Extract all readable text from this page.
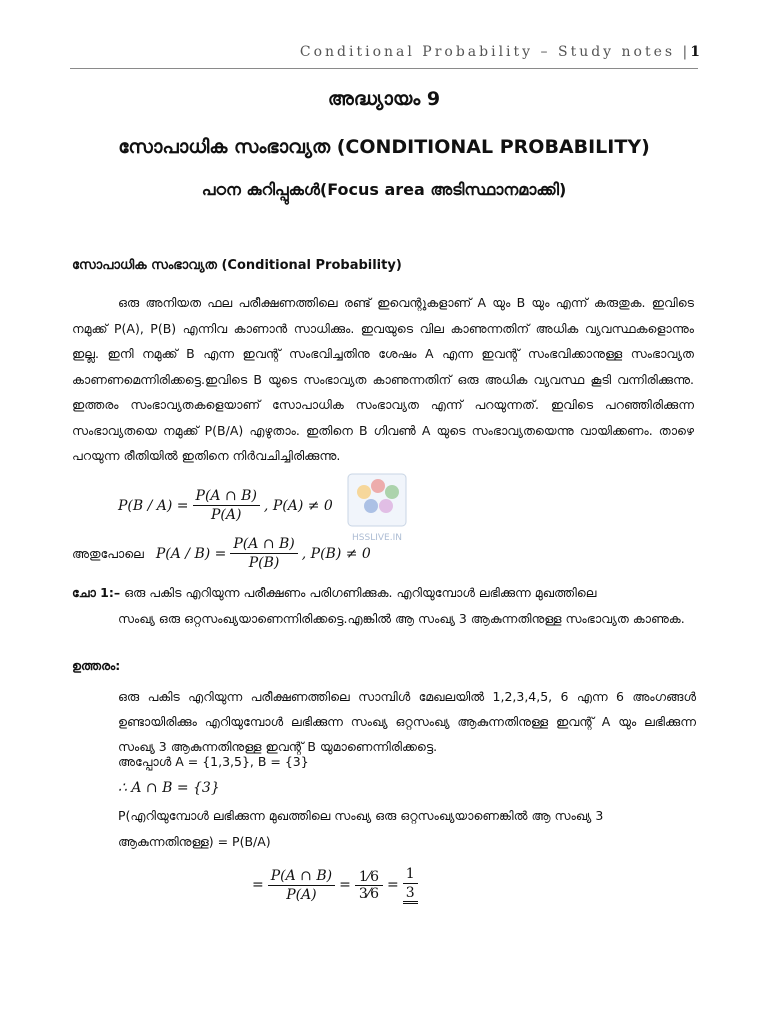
Conditional Probability – Study notes |1
അദ്ധ്യായം 9
സോപാധിക സംഭാവ്യത (CONDITIONAL PROBABILITY)
പഠന കുറിപ്പുകൾ(Focus area അടിസ്ഥാനമാക്കി)
സോപാധിക സംഭാവ്യത (Conditional Probability)
ഒരു അനിയത ഫല പരീക്ഷണത്തിലെ രണ്ട് ഇവെന്റുകളാണ് A യും B യും എന്ന് കരുതുക. ഇവിടെ നമുക്ക് P(A), P(B) എന്നിവ കാണാൻ സാധിക്കും. ഇവയുടെ വില കാണുന്നതിന് അധിക വ്യവസ്ഥകളൊന്നും ഇല്ല. ഇനി നമുക്ക് B എന്ന ഇവന്റ് സംഭവിച്ചതിനു ശേഷം A എന്ന ഇവന്റ് സംഭവിക്കാനുള്ള സംഭാവ്യത കാണണമെന്നിരിക്കട്ടെ.ഇവിടെ B യുടെ സംഭാവ്യത കാണുന്നതിന് ഒരു അധിക വ്യവസ്ഥ കൂടി വന്നിരിക്കുന്നു. ഇത്തരം സംഭാവ്യതകളെയാണ് സോപാധിക സംഭാവ്യത എന്ന് പറയുന്നത്. ഇവിടെ പറഞ്ഞിരിക്കുന്ന സംഭാവ്യതയെ നമുക്ക് P(B/A) എഴുതാം. ഇതിനെ B ഗിവൺ A യുടെ സംഭാവ്യതയെന്നു വായിക്കണം. താഴെ പറയുന്ന രീതിയിൽ ഇതിനെ നിർവചിച്ചിരിക്കുന്നു.
HSSLIVE.IN
$P(B / A) = \frac{P(A \cap B)}{P(A)}$ , P(A) ≠ 0
അതുപോലെ $P(A / B) = \frac{P(A \cap B)}{P(B)}$ , P(B) ≠ 0
ചോ 1:– ഒരു പകിട എറിയുന്ന പരീക്ഷണം പരിഗണിക്കുക. എറിയുമ്പോൾ ലഭിക്കുന്ന മുഖത്തിലെ
സംഖ്യ ഒരു ഒറ്റസംഖ്യയാണെന്നിരിക്കട്ടെ.എങ്കിൽ ആ സംഖ്യ 3 ആകുന്നതിനുള്ള സംഭാവ്യത കാണുക.
ഉത്തരം:
ഒരു പകിട എറിയുന്ന പരീക്ഷണത്തിലെ സാമ്പിൾ മേഖലയിൽ 1,2,3,4,5, 6 എന്ന 6 അംഗങ്ങൾ ഉണ്ടായിരിക്കും എറിയുമ്പോൾ ലഭിക്കുന്ന സംഖ്യ ഒറ്റസംഖ്യ ആകുന്നതിനുള്ള ഇവന്റ് A യും ലഭിക്കുന്ന സംഖ്യ 3 ആകുന്നതിനുള്ള ഇവന്റ് B യുമാണെന്നിരിക്കട്ടെ.
അപ്പോൾ A = {1,3,5}, B = {3}
∴ A ∩ B = {3}
P(എറിയുമ്പോൾ ലഭിക്കുന്ന മുഖത്തിലെ സംഖ്യ ഒരു ഒറ്റസംഖ്യയാണെങ്കിൽ ആ സംഖ്യ 3
ആകുന്നതിനുള്ള) = P(B/A)
= $\frac{P(A \cap B)}{P(A)} = \frac{1⁄6}{3⁄6} = \frac{1}{3}$
